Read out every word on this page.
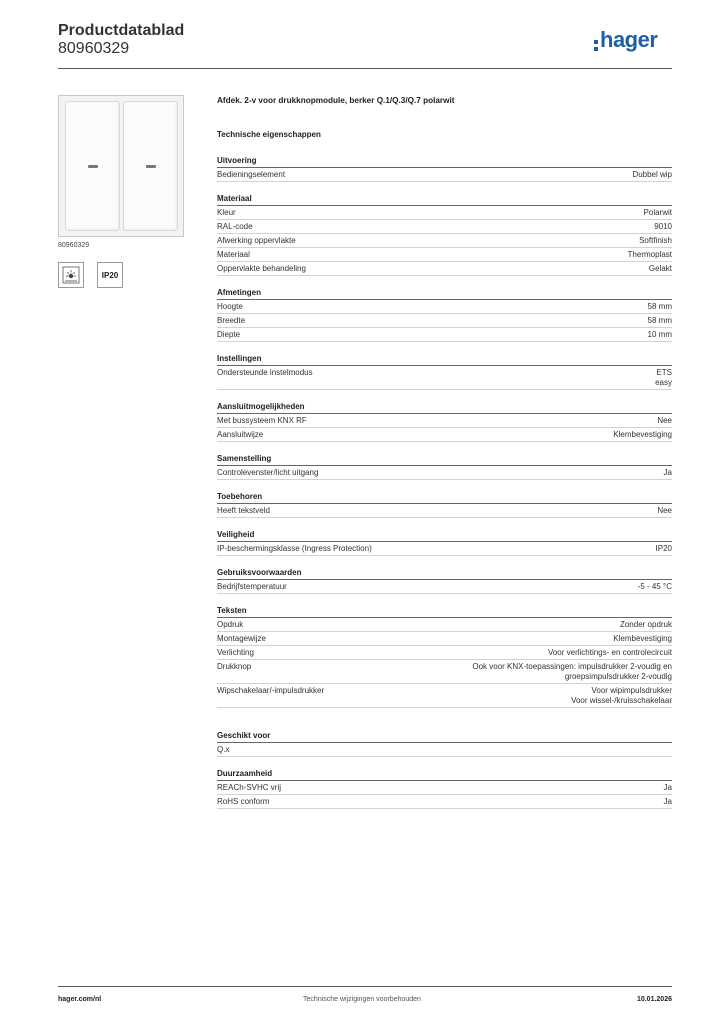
Productdatablad
80960329	hager
80960329
IP20
Afdek. 2-v voor drukknopmodule, berker Q.1/Q.3/Q.7 polarwit
Technische eigenschappen
Uitvoering
Bedieningselement	Dubbel wip
Materiaal
Kleur	Polarwit
RAL-code	9010
Afwerking oppervlakte	Softfinish
Materiaal	Thermoplast
Oppervlakte behandeling	Gelakt
Afmetingen
Hoogte	58 mm
Breedte	58 mm
Diepte	10 mm
Instellingen
Ondersteunde instelmodus	ETS
easy
Aansluitmogelijkheden
Met bussysteem KNX RF	Nee
Aansluitwijze	Klembevestiging
Samenstelling
Controlevenster/licht uitgang	Ja
Toebehoren
Heeft tekstveld	Nee
Veiligheid
IP-beschermingsklasse (Ingress Protection)	IP20
Gebruiksvoorwaarden
Bedrijfstemperatuur	-5 - 45 °C
Teksten
Opdruk	Zonder opdruk
Montagewijze	Klembevestiging
Verlichting	Voor verlichtings- en controlecircuit
Drukknop	Ook voor KNX-toepassingen: impulsdrukker 2-voudig en
groepsimpulsdrukker 2-voudig
Wipschakelaar/-impulsdrukker	Voor wipimpulsdrukker
Voor wissel-/kruisschakelaar
Geschikt voor
Q.x
Duurzaamheid
REACh-SVHC vrij	Ja
RoHS conform	Ja
hager.com/nl	Technische wijzigingen voorbehouden	10.01.2026
